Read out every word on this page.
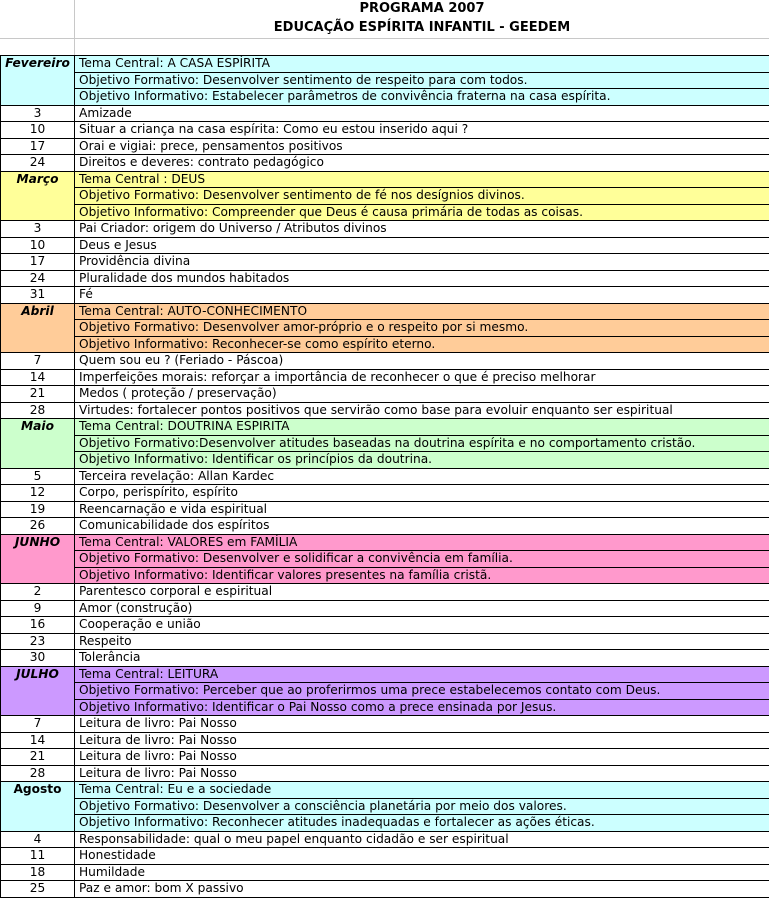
PROGRAMA 2007
EDUCAÇÃO ESPÍRITA INFANTIL - GEEDEM
Fevereiro	Tema Central: A CASA ESPÍRITA
	Objetivo Formativo: Desenvolver sentimento de respeito para com todos.
	Objetivo Informativo: Estabelecer parâmetros de convivência fraterna na casa espírita.
3	Amizade
10	Situar a criança na casa espírita: Como eu estou inserido aqui ?
17	Orai e vigiai: prece, pensamentos positivos
24	Direitos e deveres: contrato pedagógico
Março	Tema Central : DEUS
	Objetivo Formativo: Desenvolver sentimento de fé nos desígnios divinos.
	Objetivo Informativo: Compreender que Deus é causa primária de todas as coisas.
3	Pai Criador: origem do Universo / Atributos divinos
10	Deus e Jesus
17	Providência divina
24	Pluralidade dos mundos habitados
31	Fé
Abril	Tema Central: AUTO-CONHECIMENTO
	Objetivo Formativo: Desenvolver amor-próprio e o respeito por si mesmo.
	Objetivo Informativo: Reconhecer-se como espírito eterno.
7	Quem sou eu ? (Feriado - Páscoa)
14	Imperfeições morais: reforçar a importância de reconhecer o que é preciso melhorar
21	Medos ( proteção / preservação)
28	Virtudes: fortalecer pontos positivos que servirão como base para evoluir enquanto ser espiritual
Maio	Tema Central: DOUTRINA ESPIRITA
	Objetivo Formativo:Desenvolver atitudes baseadas na doutrina espírita e no comportamento cristão.
	Objetivo Informativo: Identificar os princípios da doutrina.
5	Terceira revelação: Allan Kardec
12	Corpo, perispírito, espírito
19	Reencarnação e vida espiritual
26	Comunicabilidade dos espíritos
JUNHO	Tema Central: VALORES em FAMÍLIA
	Objetivo Formativo: Desenvolver e solidificar a convivência em família.
	Objetivo Informativo: Identificar valores presentes na família cristã.
2	Parentesco corporal e espiritual
9	Amor (construção)
16	Cooperação e união
23	Respeito
30	Tolerância
JULHO	Tema Central: LEITURA
	Objetivo Formativo: Perceber que ao proferirmos uma prece estabelecemos contato com Deus.
	Objetivo Informativo: Identificar o Pai Nosso como a prece ensinada por Jesus.
7	Leitura de livro: Pai Nosso
14	Leitura de livro: Pai Nosso
21	Leitura de livro: Pai Nosso
28	Leitura de livro: Pai Nosso
Agosto	Tema Central: Eu e a sociedade
	Objetivo Formativo: Desenvolver a consciência planetária por meio dos valores.
	Objetivo Informativo: Reconhecer atitudes inadequadas e fortalecer as ações éticas.
4	Responsabilidade: qual o meu papel enquanto cidadão e ser espiritual
11	Honestidade
18	Humildade
25	Paz e amor: bom X passivo
